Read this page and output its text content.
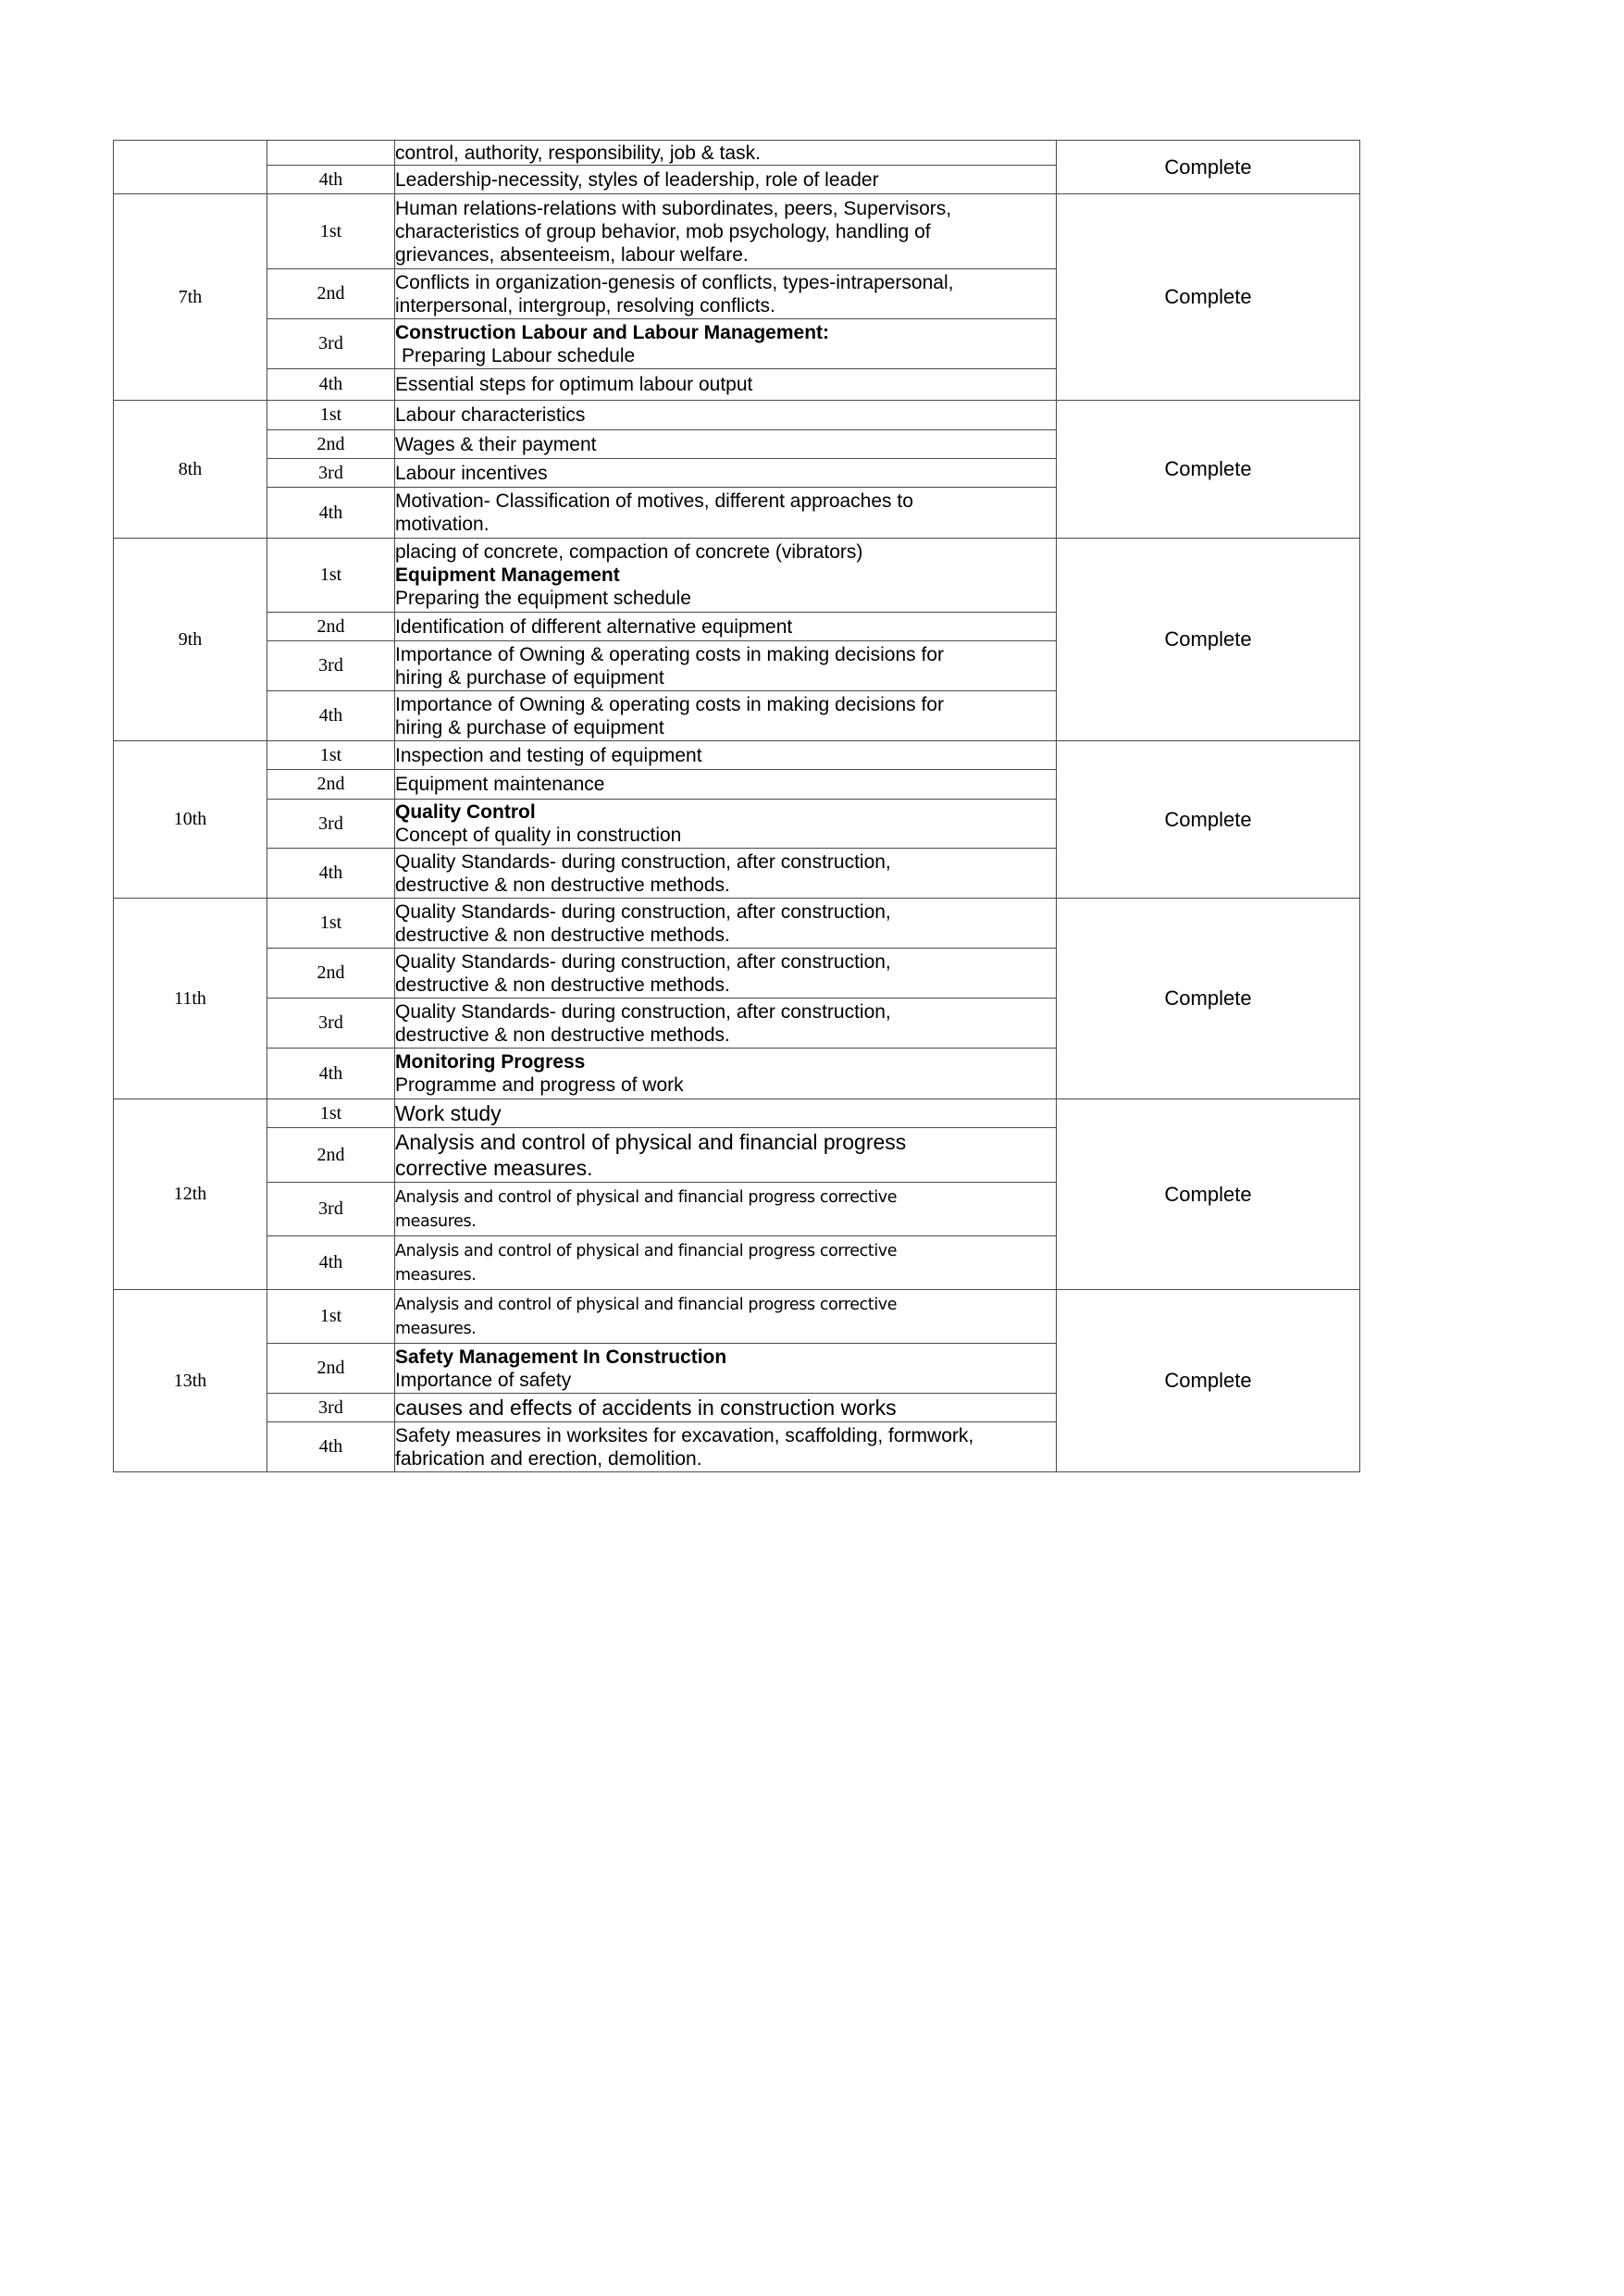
		control, authority, responsibility, job & task.	Complete
	4th	Leadership-necessity, styles of leadership, role of leader	

7th	1st	Human relations-relations with subordinates, peers, Supervisors,
characteristics of group behavior, mob psychology, handling of
grievances, absenteeism, labour welfare.	Complete
	2nd	Conflicts in organization-genesis of conflicts, types-intrapersonal,
interpersonal, intergroup, resolving conflicts.	

	3rd	Construction Labour and Labour Management:
Preparing Labour schedule	

	4th	Essential steps for optimum labour output	

8th	1st	Labour characteristics	Complete
	2nd	Wages & their payment	

	3rd	Labour incentives	

	4th	Motivation- Classification of motives, different approaches to
motivation.	

9th	1st	placing of concrete, compaction of concrete (vibrators)
Equipment Management
Preparing the equipment schedule	Complete
	2nd	Identification of different alternative equipment	

	3rd	Importance of Owning & operating costs in making decisions for
hiring & purchase of equipment	

	4th	Importance of Owning & operating costs in making decisions for
hiring & purchase of equipment	

10th	1st	Inspection and testing of equipment	Complete
	2nd	Equipment maintenance	

	3rd	Quality Control
Concept of quality in construction	

	4th	Quality Standards- during construction, after construction,
destructive & non destructive methods.	

11th	1st	Quality Standards- during construction, after construction,
destructive & non destructive methods.	Complete
	2nd	Quality Standards- during construction, after construction,
destructive & non destructive methods.	

	3rd	Quality Standards- during construction, after construction,
destructive & non destructive methods.	

	4th	Monitoring Progress
Programme and progress of work	

12th	1st	Work study	Complete
	2nd	Analysis and control of physical and financial progress
corrective measures.	

	3rd	Analysis and control of physical and financial progress corrective
measures.	

	4th	Analysis and control of physical and financial progress corrective
measures.	

13th	1st	Analysis and control of physical and financial progress corrective
measures.	Complete
	2nd	Safety Management In Construction
Importance of safety	

	3rd	causes and effects of accidents in construction works	

	4th	Safety measures in worksites for excavation, scaffolding, formwork,
fabrication and erection, demolition.	
